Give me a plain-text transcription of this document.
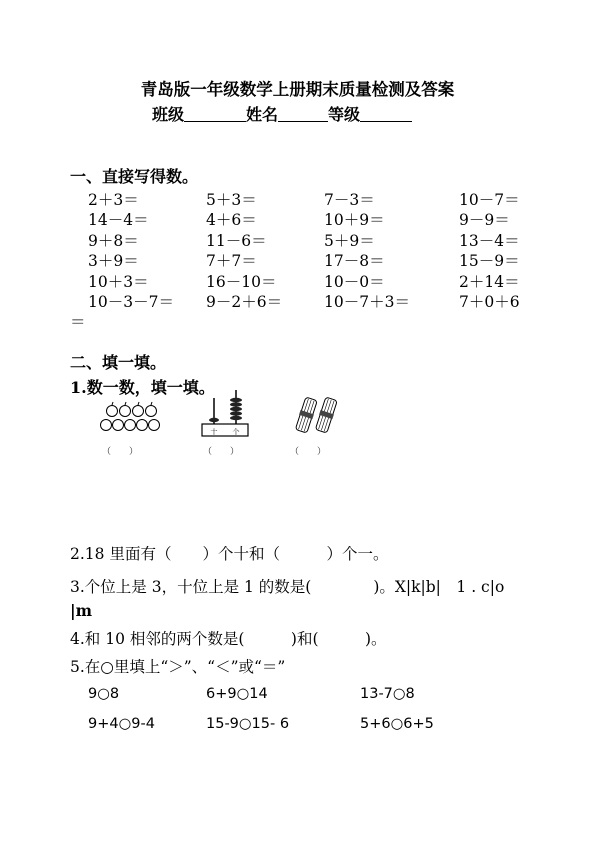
青岛版一年级数学上册期末质量检测及答案
班级	姓名	等级
一、直接写得数。
2＋3＝	5＋3＝	7－3＝	10－7＝
14－4＝	4＋6＝	10＋9＝	9－9＝
9＋8＝	11－6＝	5＋9＝	13－4＝
3＋9＝	7＋7＝	17－8＝	15－9＝
10＋3＝	16－10＝	10－0＝	2＋14＝
10－3－7＝ 9－2＋6＝	10－7＋3＝	7＋0＋6
＝
二、填一填。
1.数一数，填一填。
（　　）
十 个
（　　）	（　　）
2.18 里面有（　　）个十和（　　　）个一。
3.个位上是 3，十位上是 1 的数是(　　　　)。X|k|b|　1 . c|o
|m
4.和 10 相邻的两个数是(　　　)和(　　　)。
5.在○里填上“＞”、“＜”或“＝”
9○8	6+9○14	13-7○8
9+4○9-4	15-9○15- 6	5+6○6+5
